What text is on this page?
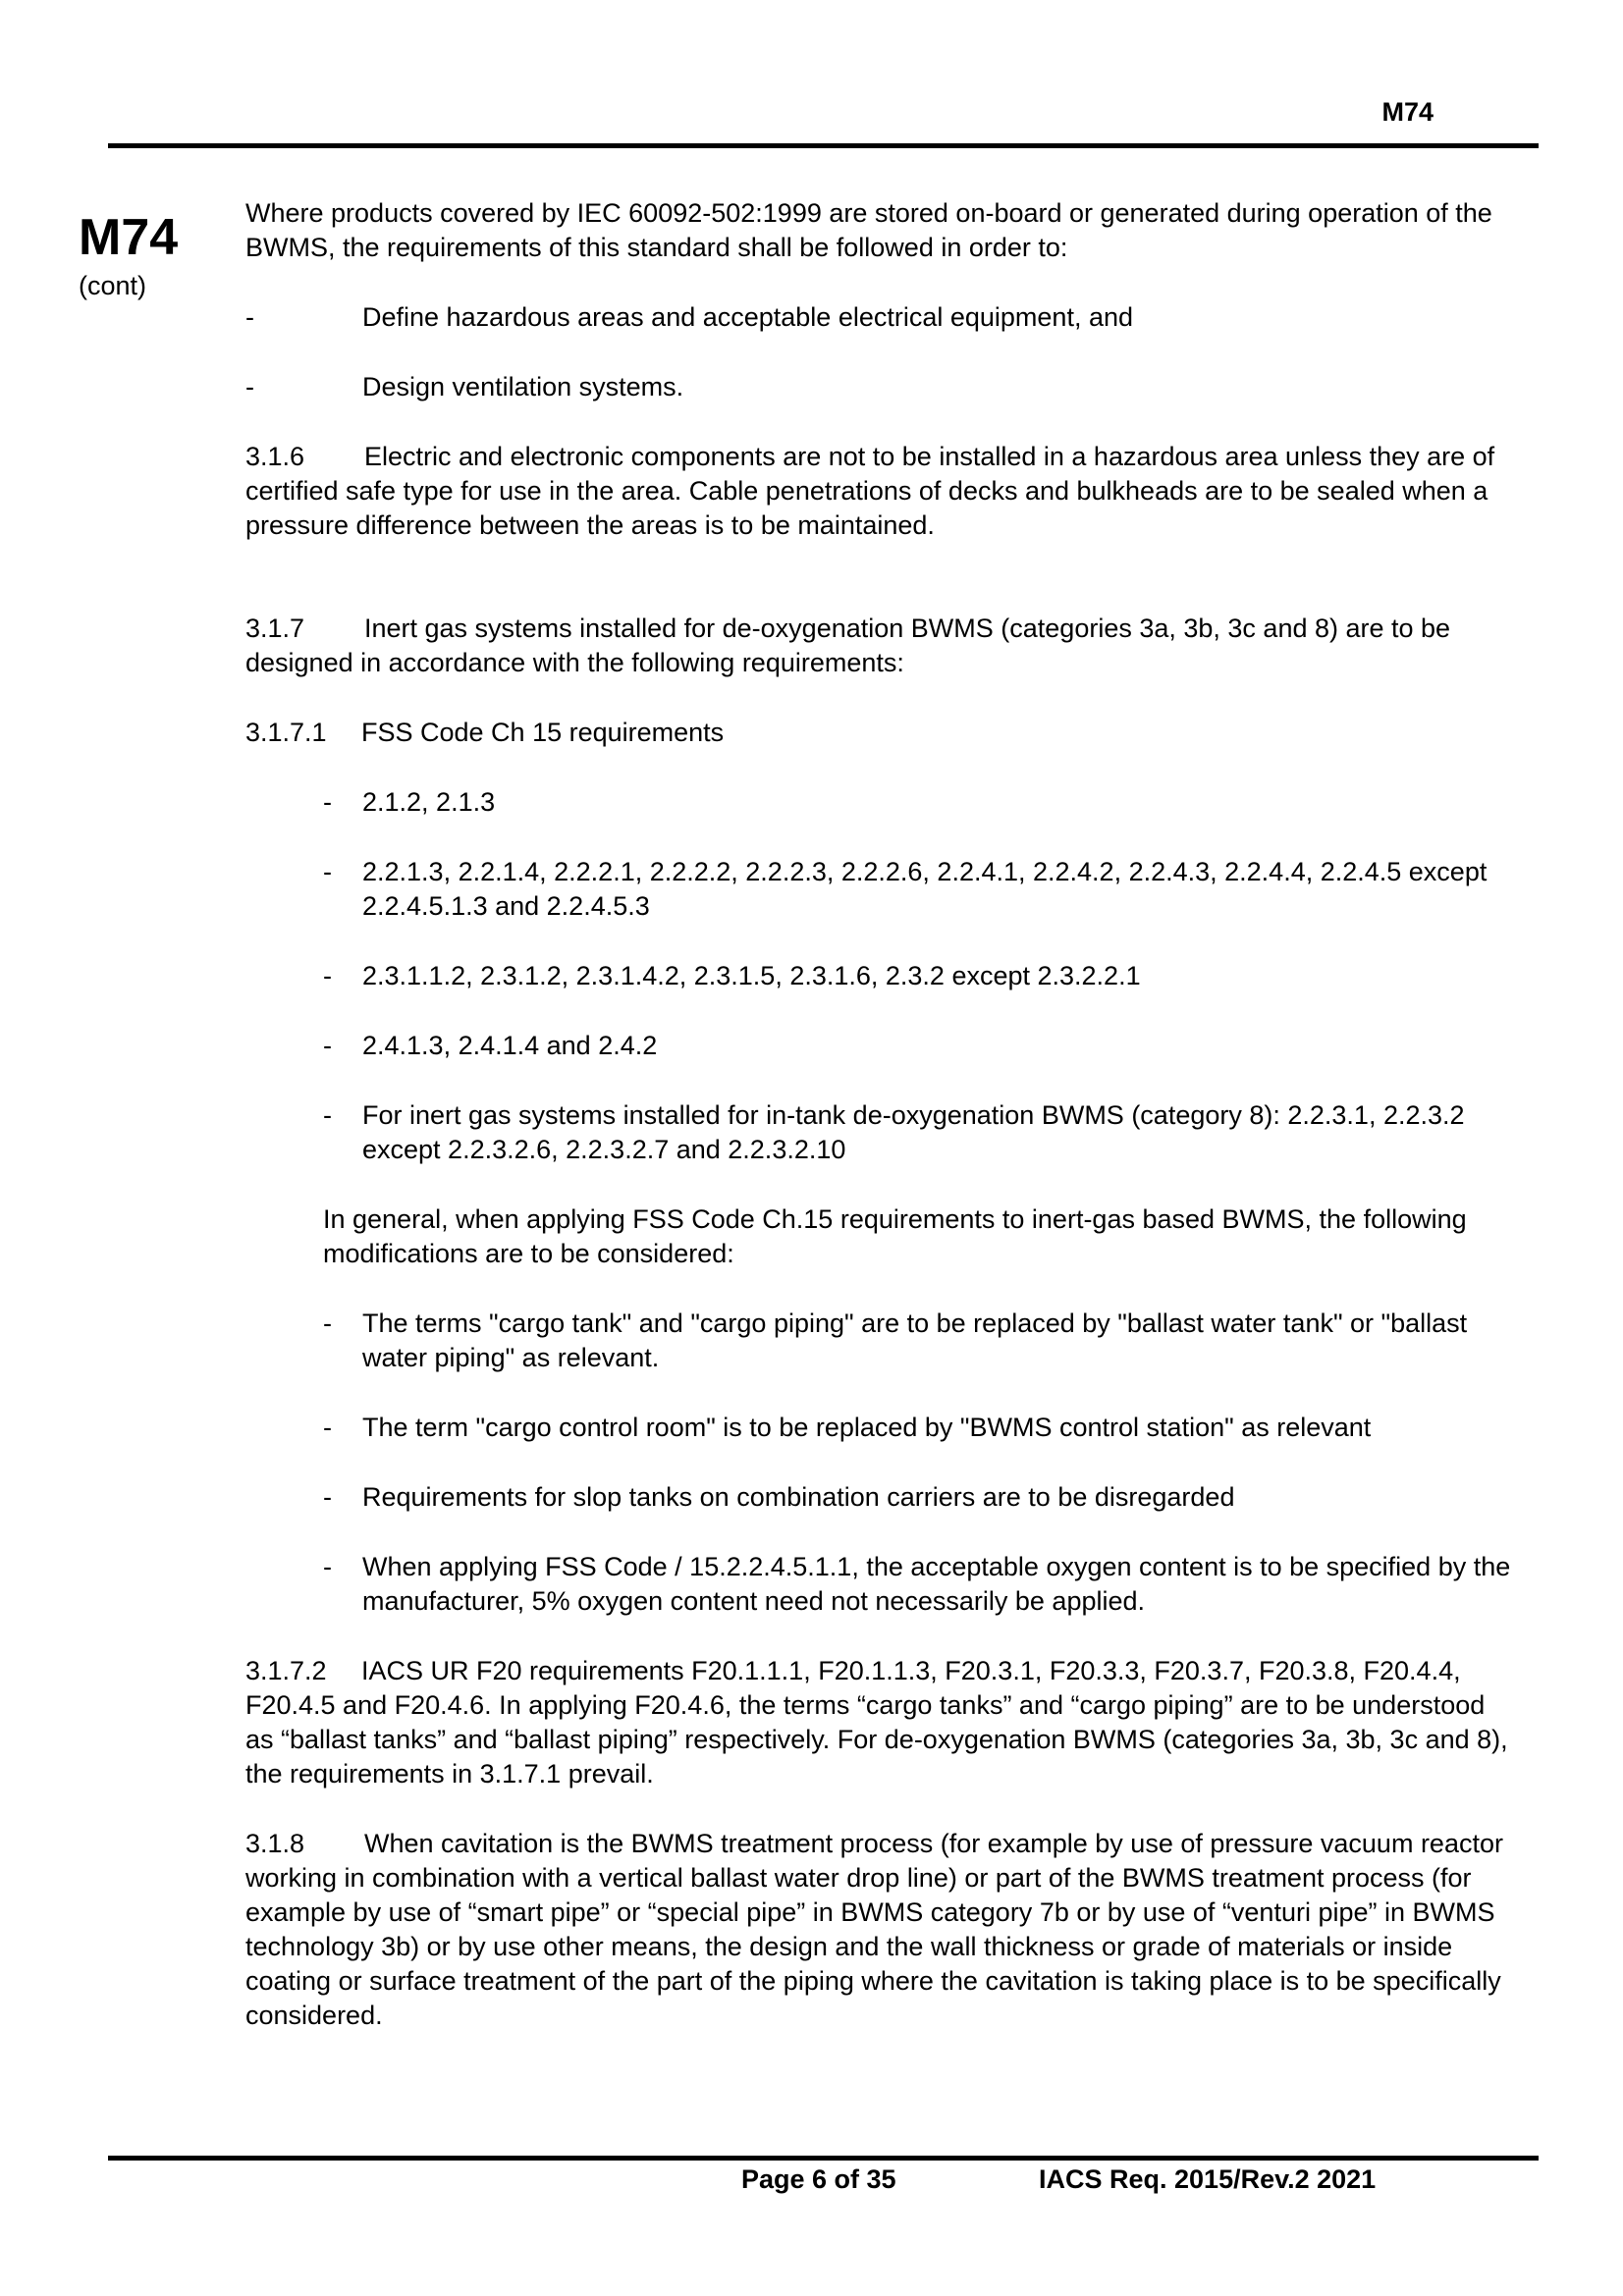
M74
M74
(cont)

Where products covered by IEC 60092-502:1999 are stored on-board or generated during operation of the BWMS, the requirements of this standard shall be followed in order to:

-	Define hazardous areas and acceptable electrical equipment, and
-	Design ventilation systems.

3.1.6 Electric and electronic components are not to be installed in a hazardous area unless they are of certified safe type for use in the area. Cable penetrations of decks and bulkheads are to be sealed when a pressure difference between the areas is to be maintained.

3.1.7 Inert gas systems installed for de-oxygenation BWMS (categories 3a, 3b, 3c and 8) are to be designed in accordance with the following requirements:

3.1.7.1 FSS Code Ch 15 requirements

-	2.1.2, 2.1.3
-	2.2.1.3, 2.2.1.4, 2.2.2.1, 2.2.2.2, 2.2.2.3, 2.2.2.6, 2.2.4.1, 2.2.4.2, 2.2.4.3, 2.2.4.4, 2.2.4.5 except 2.2.4.5.1.3 and 2.2.4.5.3
-	2.3.1.1.2, 2.3.1.2, 2.3.1.4.2, 2.3.1.5, 2.3.1.6, 2.3.2 except 2.3.2.2.1
-	2.4.1.3, 2.4.1.4 and 2.4.2
-	For inert gas systems installed for in-tank de-oxygenation BWMS (category 8): 2.2.3.1, 2.2.3.2 except 2.2.3.2.6, 2.2.3.2.7 and 2.2.3.2.10

In general, when applying FSS Code Ch.15 requirements to inert-gas based BWMS, the following modifications are to be considered:

-	The terms "cargo tank" and "cargo piping" are to be replaced by "ballast water tank" or "ballast water piping" as relevant.
-	The term "cargo control room" is to be replaced by "BWMS control station" as relevant
-	Requirements for slop tanks on combination carriers are to be disregarded
-	When applying FSS Code / 15.2.2.4.5.1.1, the acceptable oxygen content is to be specified by the manufacturer, 5% oxygen content need not necessarily be applied.

3.1.7.2 IACS UR F20 requirements F20.1.1.1, F20.1.1.3, F20.3.1, F20.3.3, F20.3.7, F20.3.8, F20.4.4, F20.4.5 and F20.4.6. In applying F20.4.6, the terms “cargo tanks” and “cargo piping” are to be understood as “ballast tanks” and “ballast piping” respectively. For de-oxygenation BWMS (categories 3a, 3b, 3c and 8), the requirements in 3.1.7.1 prevail.

3.1.8 When cavitation is the BWMS treatment process (for example by use of pressure vacuum reactor working in combination with a vertical ballast water drop line) or part of the BWMS treatment process (for example by use of “smart pipe” or “special pipe” in BWMS category 7b or by use of “venturi pipe” in BWMS technology 3b) or by use other means, the design and the wall thickness or grade of materials or inside coating or surface treatment of the part of the piping where the cavitation is taking place is to be specifically considered.

Page 6 of 35	IACS Req. 2015/Rev.2 2021
